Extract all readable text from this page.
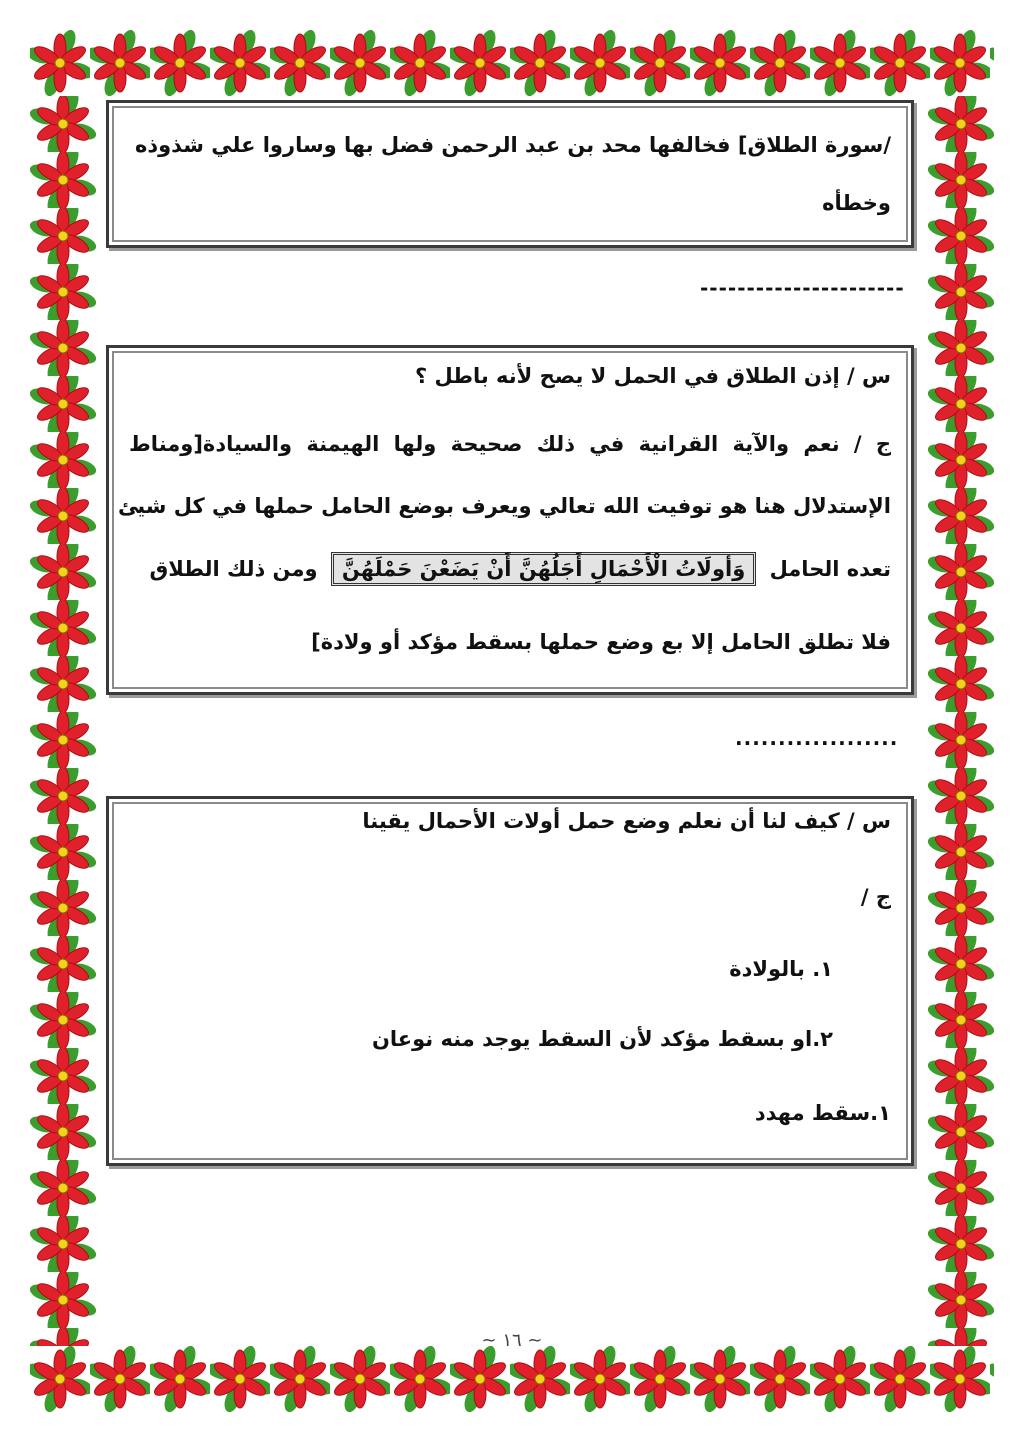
/سورة الطلاق] فخالفها محد بن عبد الرحمن فضل بها وساروا علي شذوذه
وخطأه
----------------------
س / إذن الطلاق في الحمل لا يصح لأنه باطل ؟
ج / نعم والآية القرانية في ذلك صحيحة ولها الهيمنة والسيادة[ومناط
الإستدلال هنا هو توفيت الله تعالي ويعرف بوضع الحامل حملها في كل شيئ
تعده الحامل وَأولَاتُ الْأَحْمَالِ أَجَلُهُنَّ أَنْ يَضَعْنَ حَمْلَهُنَّ ومن ذلك الطلاق
فلا تطلق الحامل إلا بع وضع حملها بسقط مؤكد أو ولادة]
...................
س / كيف لنا أن نعلم وضع حمل أولات الأحمال يقينا
ج /
١. بالولادة
٢.او بسقط مؤكد لأن السقط يوجد منه نوعان
١.سقط مهدد
~ ١٦ ~
